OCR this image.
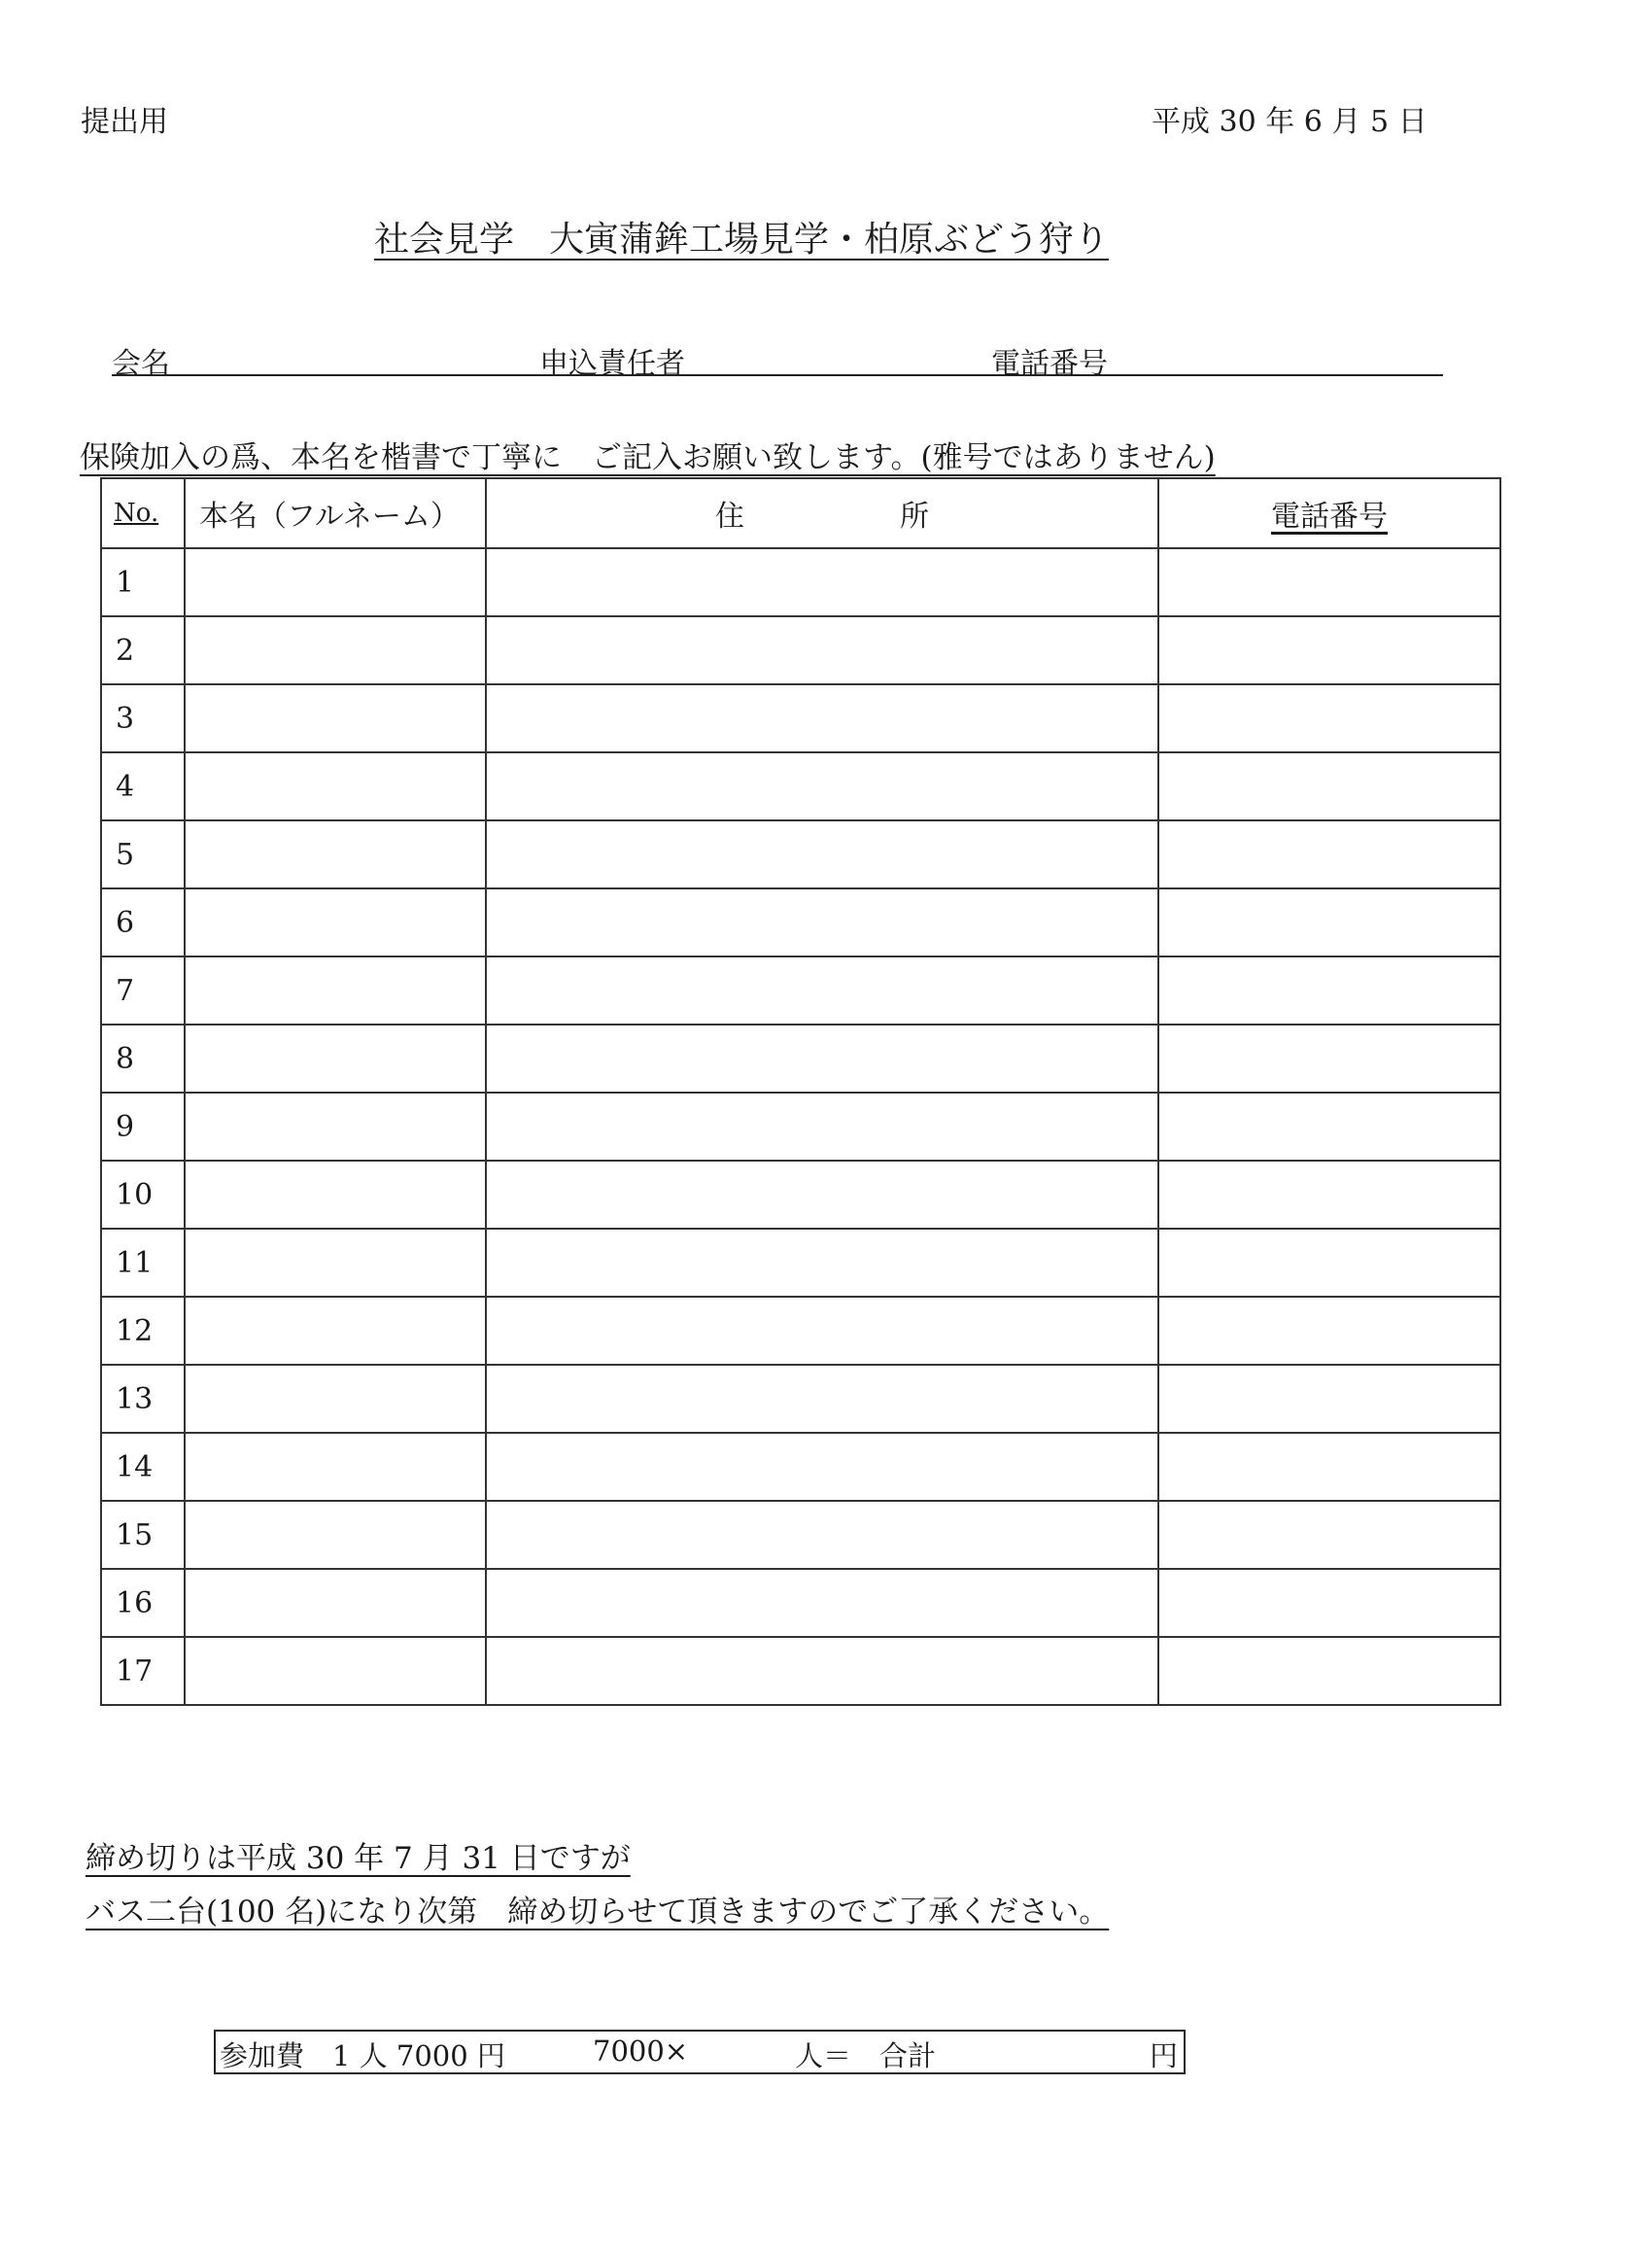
提出用	平成 30 年 6 月 5 日
社会見学　大寅蒲鉾工場見学・柏原ぶどう狩り
会名	申込責任者	電話番号
保険加入の爲、本名を楷書で丁寧に　ご記入お願い致します。(雅号ではありません)
No.	本名（フルネーム）	住 所	電話番号

1			
2			
3			
4			
5			
6			
7			
8			
9			
10			
11			
12			
13			
14			
15			
16			
17			
締め切りは平成 30 年 7 月 31 日ですが
バス二台(100 名)になり次第　締め切らせて頂きますのでご了承ください。
参加費　1 人 7000 円	7000×	人＝　合計	円
